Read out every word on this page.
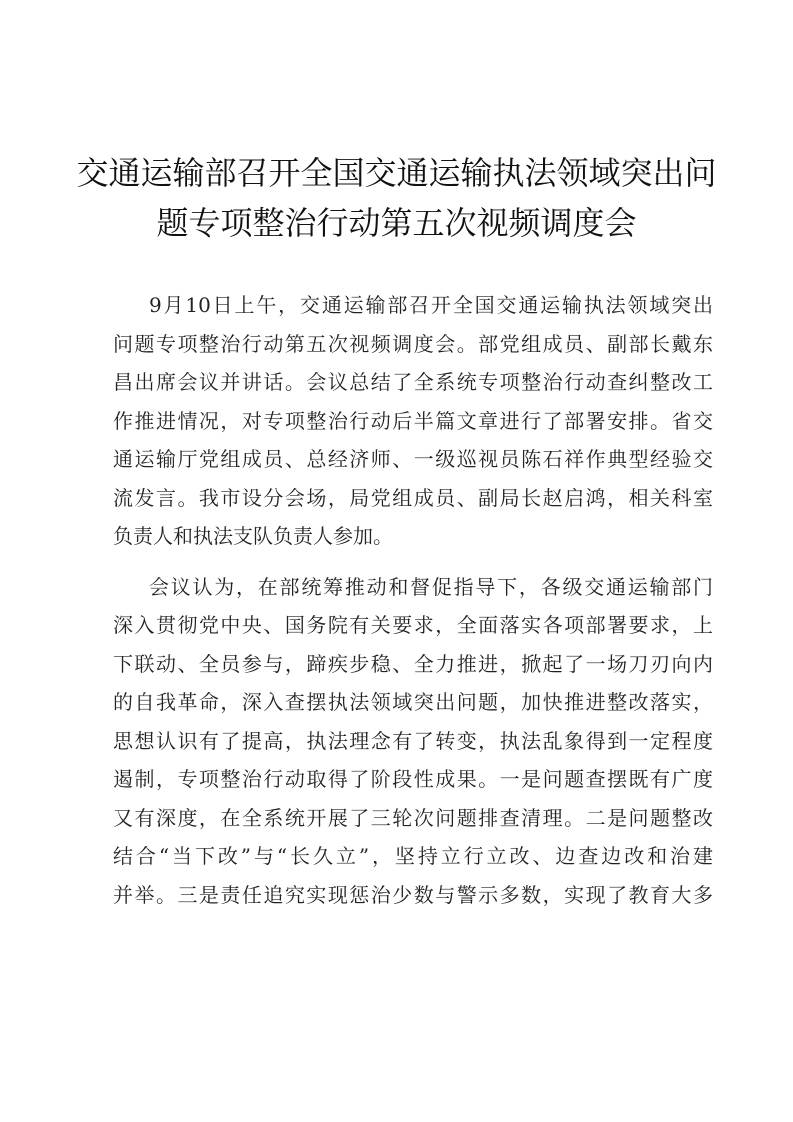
交通运输部召开全国交通运输执法领域突出问
题专项整治行动第五次视频调度会
9月10日上午，交通运输部召开全国交通运输执法领域突出
问题专项整治行动第五次视频调度会。部党组成员、副部长戴东
昌出席会议并讲话。会议总结了全系统专项整治行动查纠整改工
作推进情况，对专项整治行动后半篇文章进行了部署安排。省交
通运输厅党组成员、总经济师、一级巡视员陈石祥作典型经验交
流发言。我市设分会场，局党组成员、副局长赵启鸿，相关科室
负责人和执法支队负责人参加。
会议认为，在部统筹推动和督促指导下，各级交通运输部门
深入贯彻党中央、国务院有关要求，全面落实各项部署要求，上
下联动、全员参与，蹄疾步稳、全力推进，掀起了一场刀刃向内
的自我革命，深入查摆执法领域突出问题，加快推进整改落实，
思想认识有了提高，执法理念有了转变，执法乱象得到一定程度
遏制，专项整治行动取得了阶段性成果。一是问题查摆既有广度
又有深度，在全系统开展了三轮次问题排查清理。二是问题整改
结合“当下改”与“长久立”，坚持立行立改、边查边改和治建
并举。三是责任追究实现惩治少数与警示多数，实现了教育大多
